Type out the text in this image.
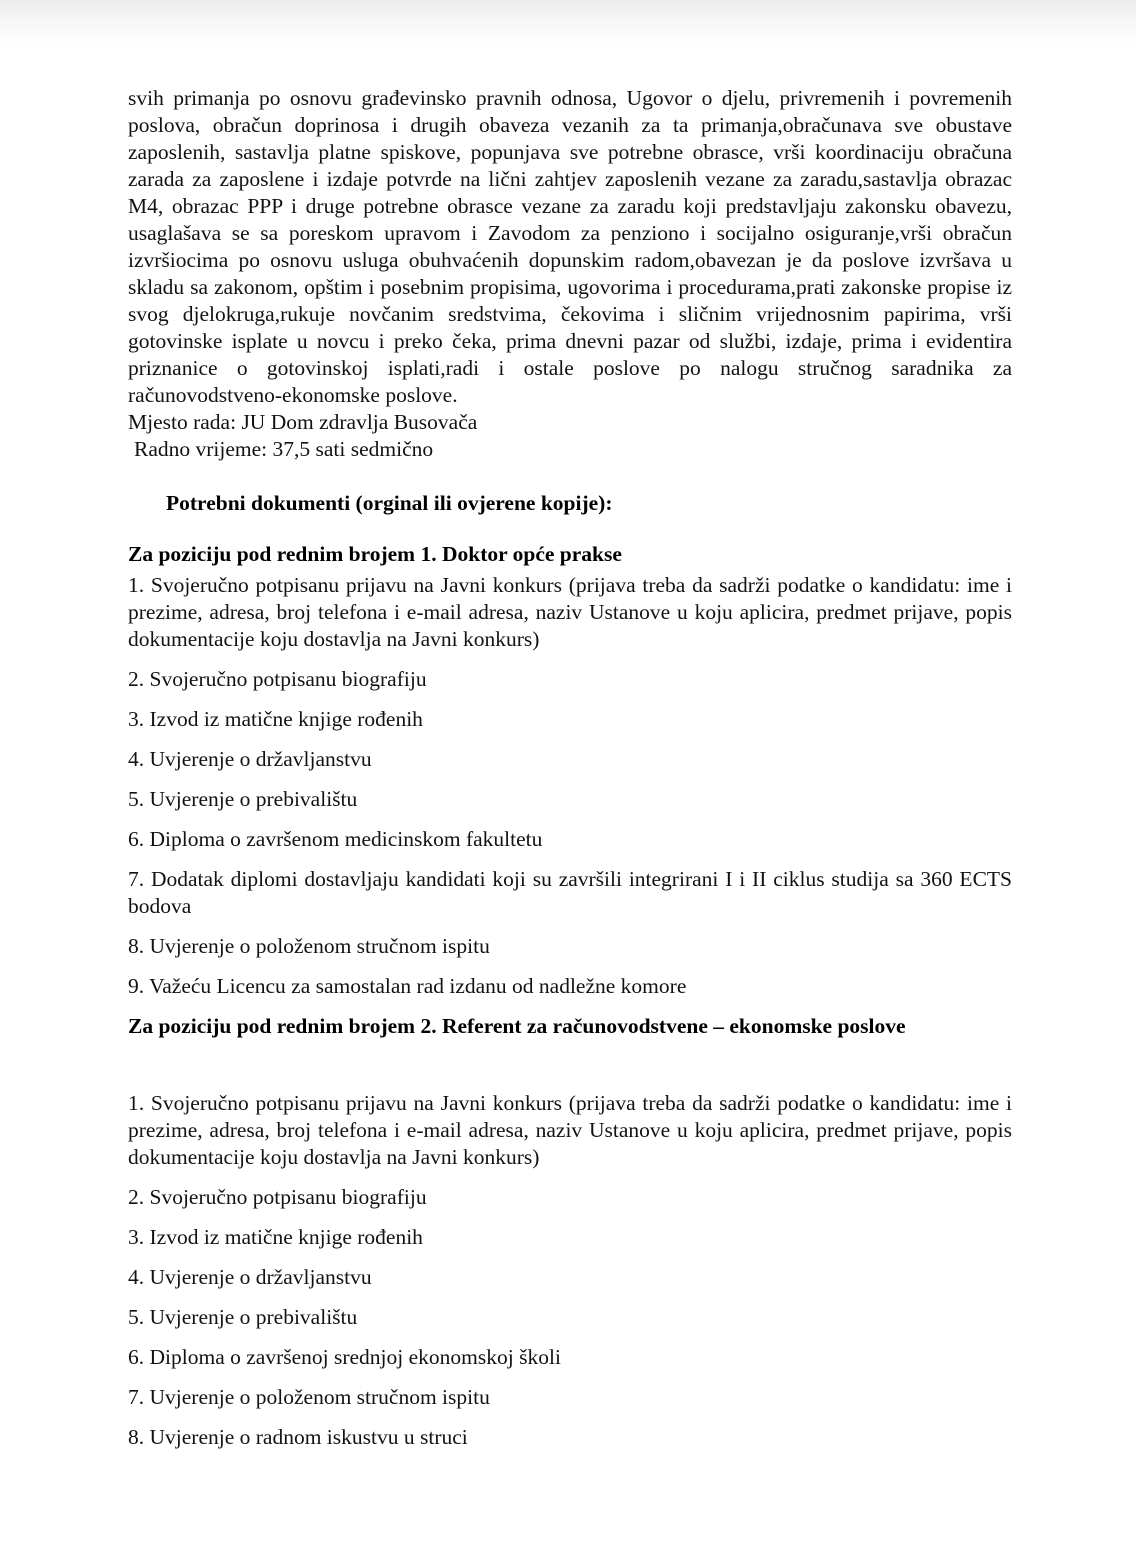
svih primanja po osnovu građevinsko pravnih odnosa, Ugovor o djelu, privremenih i povremenih poslova, obračun doprinosa i drugih obaveza vezanih za ta primanja,obračunava sve obustave zaposlenih, sastavlja platne spiskove, popunjava sve potrebne obrasce, vrši koordinaciju obračuna zarada za zaposlene i izdaje potvrde na lični zahtjev zaposlenih vezane za zaradu,sastavlja obrazac M4, obrazac PPP i druge potrebne obrasce vezane za zaradu koji predstavljaju zakonsku obavezu, usaglašava se sa poreskom upravom i Zavodom za penziono i socijalno osiguranje,vrši obračun izvršiocima po osnovu usluga obuhvaćenih dopunskim radom,obavezan je da poslove izvršava u skladu sa zakonom, opštim i posebnim propisima, ugovorima i procedurama,prati zakonske propise iz svog djelokruga,rukuje novčanim sredstvima, čekovima i sličnim vrijednosnim papirima, vrši gotovinske isplate u novcu i preko čeka, prima dnevni pazar od službi, izdaje, prima i evidentira priznanice o gotovinskoj isplati,radi i ostale poslove po nalogu stručnog saradnika za računovodstveno-ekonomske poslove.

Mjesto rada: JU Dom zdravlja Busovača

Radno vrijeme: 37,5 sati sedmično

Potrebni dokumenti (orginal ili ovjerene kopije):

Za poziciju pod rednim brojem 1. Doktor opće prakse

1. Svojeručno potpisanu prijavu na Javni konkurs (prijava treba da sadrži podatke o kandidatu: ime i prezime, adresa, broj telefona i e-mail adresa, naziv Ustanove u koju aplicira, predmet prijave, popis dokumentacije koju dostavlja na Javni konkurs)

2. Svojeručno potpisanu biografiju

3. Izvod iz matične knjige rođenih

4. Uvjerenje o državljanstvu

5. Uvjerenje o prebivalištu

6. Diploma o završenom medicinskom fakultetu

7. Dodatak diplomi dostavljaju kandidati koji su završili integrirani I i II ciklus studija sa 360 ECTS bodova

8. Uvjerenje o položenom stručnom ispitu

9. Važeću Licencu za samostalan rad izdanu od nadležne komore

Za poziciju pod rednim brojem 2. Referent za računovodstvene – ekonomske poslove

1. Svojeručno potpisanu prijavu na Javni konkurs (prijava treba da sadrži podatke o kandidatu: ime i prezime, adresa, broj telefona i e-mail adresa, naziv Ustanove u koju aplicira, predmet prijave, popis dokumentacije koju dostavlja na Javni konkurs)

2. Svojeručno potpisanu biografiju

3. Izvod iz matične knjige rođenih

4. Uvjerenje o državljanstvu

5. Uvjerenje o prebivalištu

6. Diploma o završenoj srednjoj ekonomskoj školi

7. Uvjerenje o položenom stručnom ispitu

8. Uvjerenje o radnom iskustvu u struci
